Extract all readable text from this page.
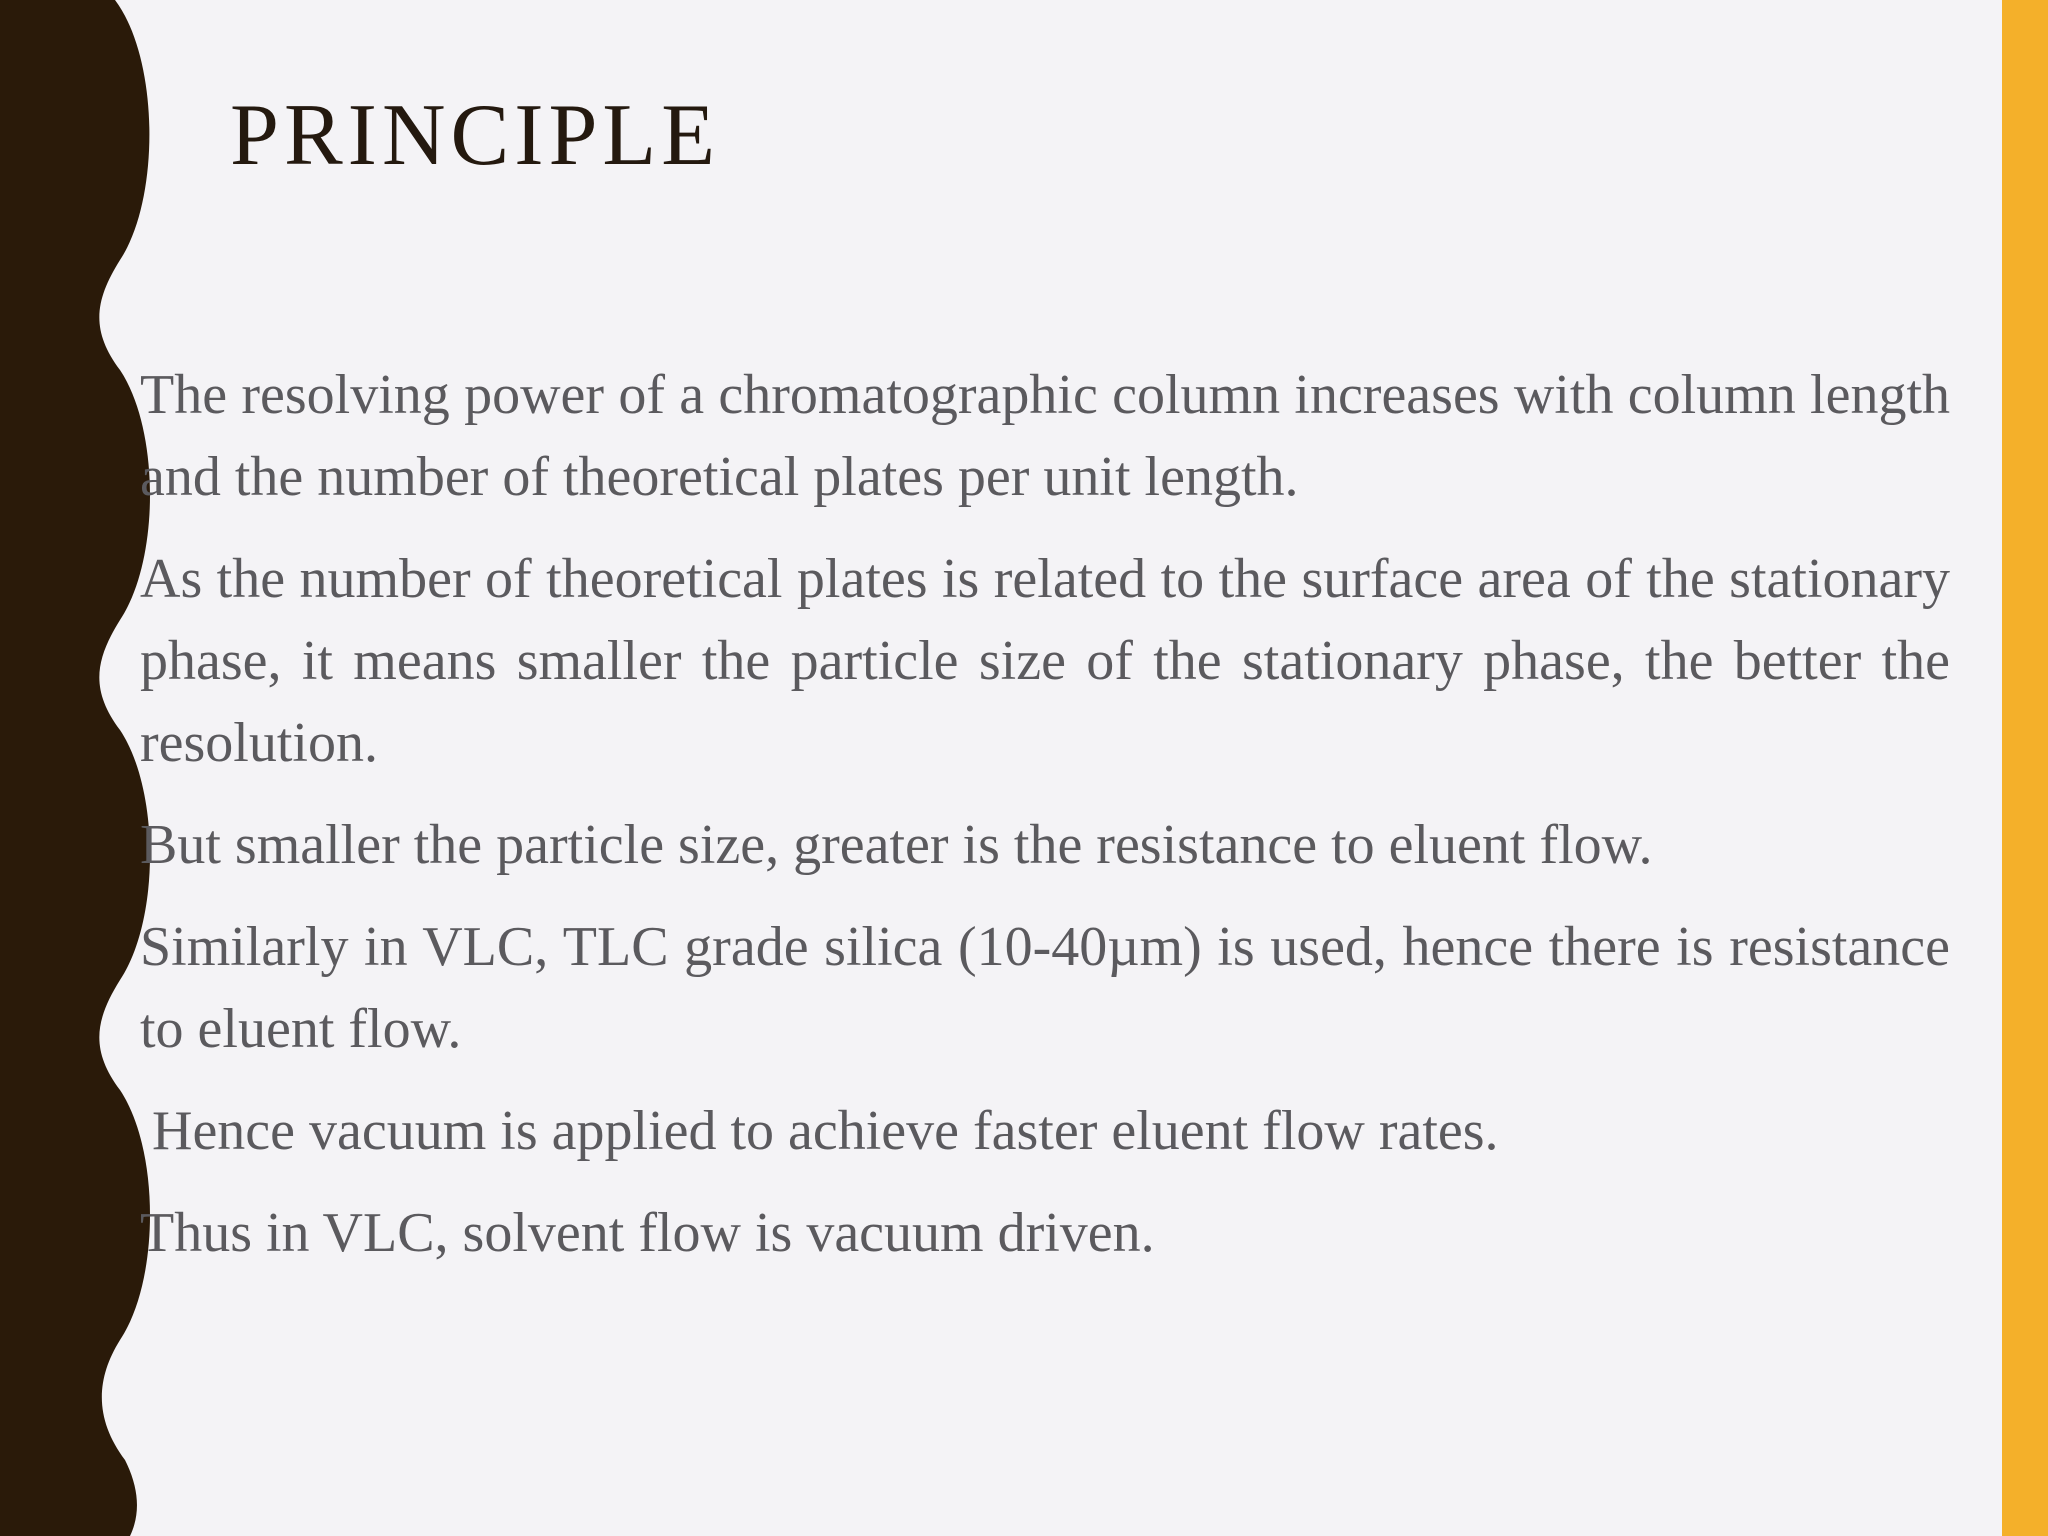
PRINCIPLE

The resolving power of a chromatographic column increases with column length and the number of theoretical plates per unit length.

As the number of theoretical plates is related to the surface area of the stationary phase, it means smaller the particle size of the stationary phase, the better the resolution.

But smaller the particle size, greater is the resistance to eluent flow.

Similarly in VLC, TLC grade silica (10-40µm) is used, hence there is resistance to eluent flow.

Hence vacuum is applied to achieve faster eluent flow rates.

Thus in VLC, solvent flow is vacuum driven.
